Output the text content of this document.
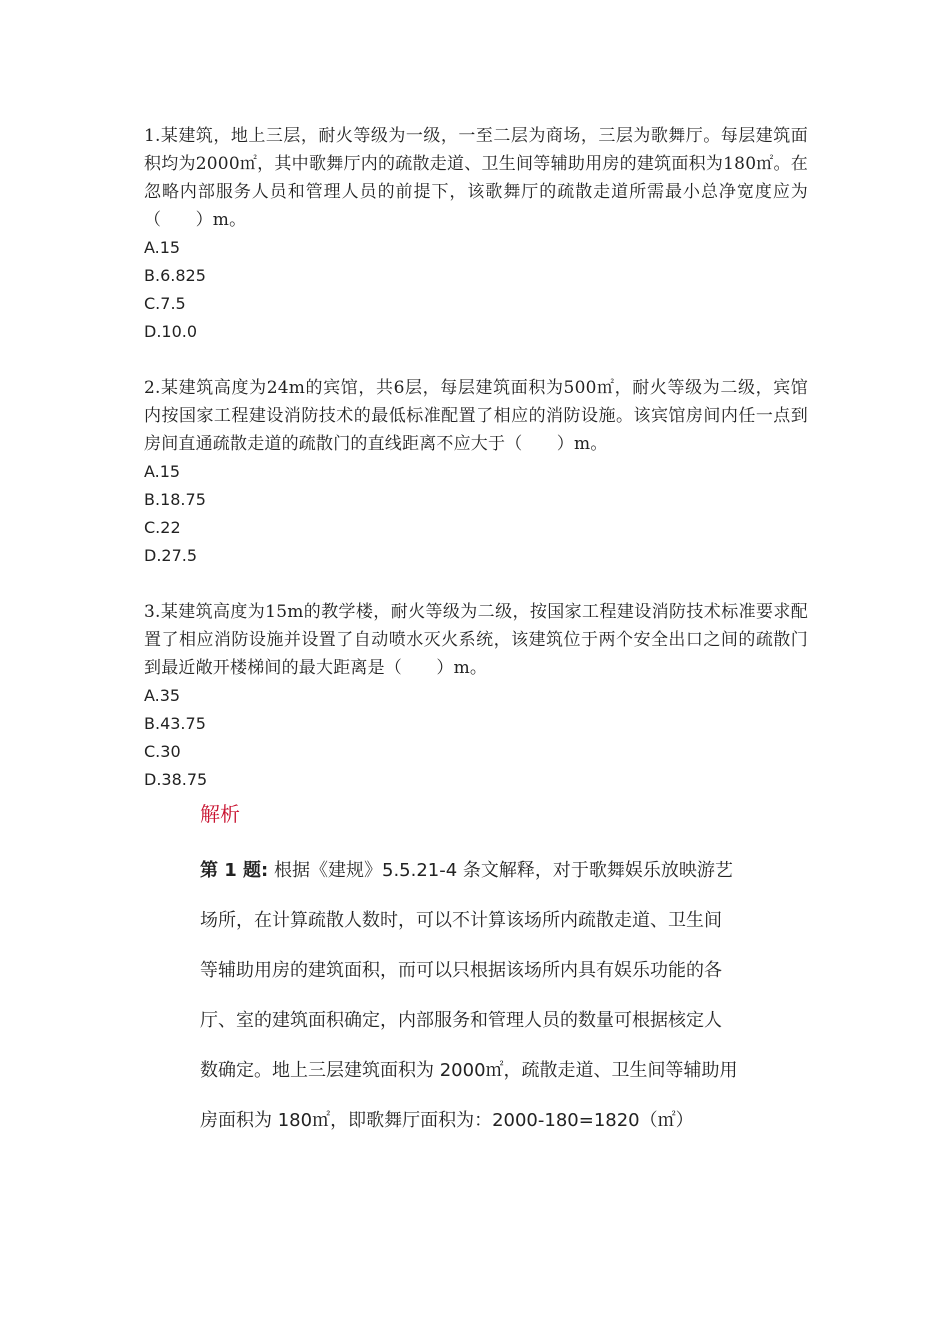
1.某建筑，地上三层，耐火等级为一级，一至二层为商场，三层为歌舞厅。每层建筑面积均为2000㎡，其中歌舞厅内的疏散走道、卫生间等辅助用房的建筑面积为180㎡。在忽略内部服务人员和管理人员的前提下，该歌舞厅的疏散走道所需最小总净宽度应为（　　）m。

A.15
B.6.825
C.7.5
D.10.0

2.某建筑高度为24m的宾馆，共6层，每层建筑面积为500㎡，耐火等级为二级，宾馆内按国家工程建设消防技术的最低标准配置了相应的消防设施。该宾馆房间内任一点到房间直通疏散走道的疏散门的直线距离不应大于（　　）m。

A.15
B.18.75
C.22
D.27.5

3.某建筑高度为15m的教学楼，耐火等级为二级，按国家工程建设消防技术标准要求配置了相应消防设施并设置了自动喷水灭火系统，该建筑位于两个安全出口之间的疏散门到最近敞开楼梯间的最大距离是（　　）m。

A.35
B.43.75
C.30
D.38.75
解析
第 1 题: 根据《建规》5.5.21-4 条文解释，对于歌舞娱乐放映游艺
场所，在计算疏散人数时，可以不计算该场所内疏散走道、卫生间
等辅助用房的建筑面积，而可以只根据该场所内具有娱乐功能的各
厅、室的建筑面积确定，内部服务和管理人员的数量可根据核定人
数确定。地上三层建筑面积为 2000㎡，疏散走道、卫生间等辅助用
房面积为 180㎡，即歌舞厅面积为：2000-180=1820（㎡）
